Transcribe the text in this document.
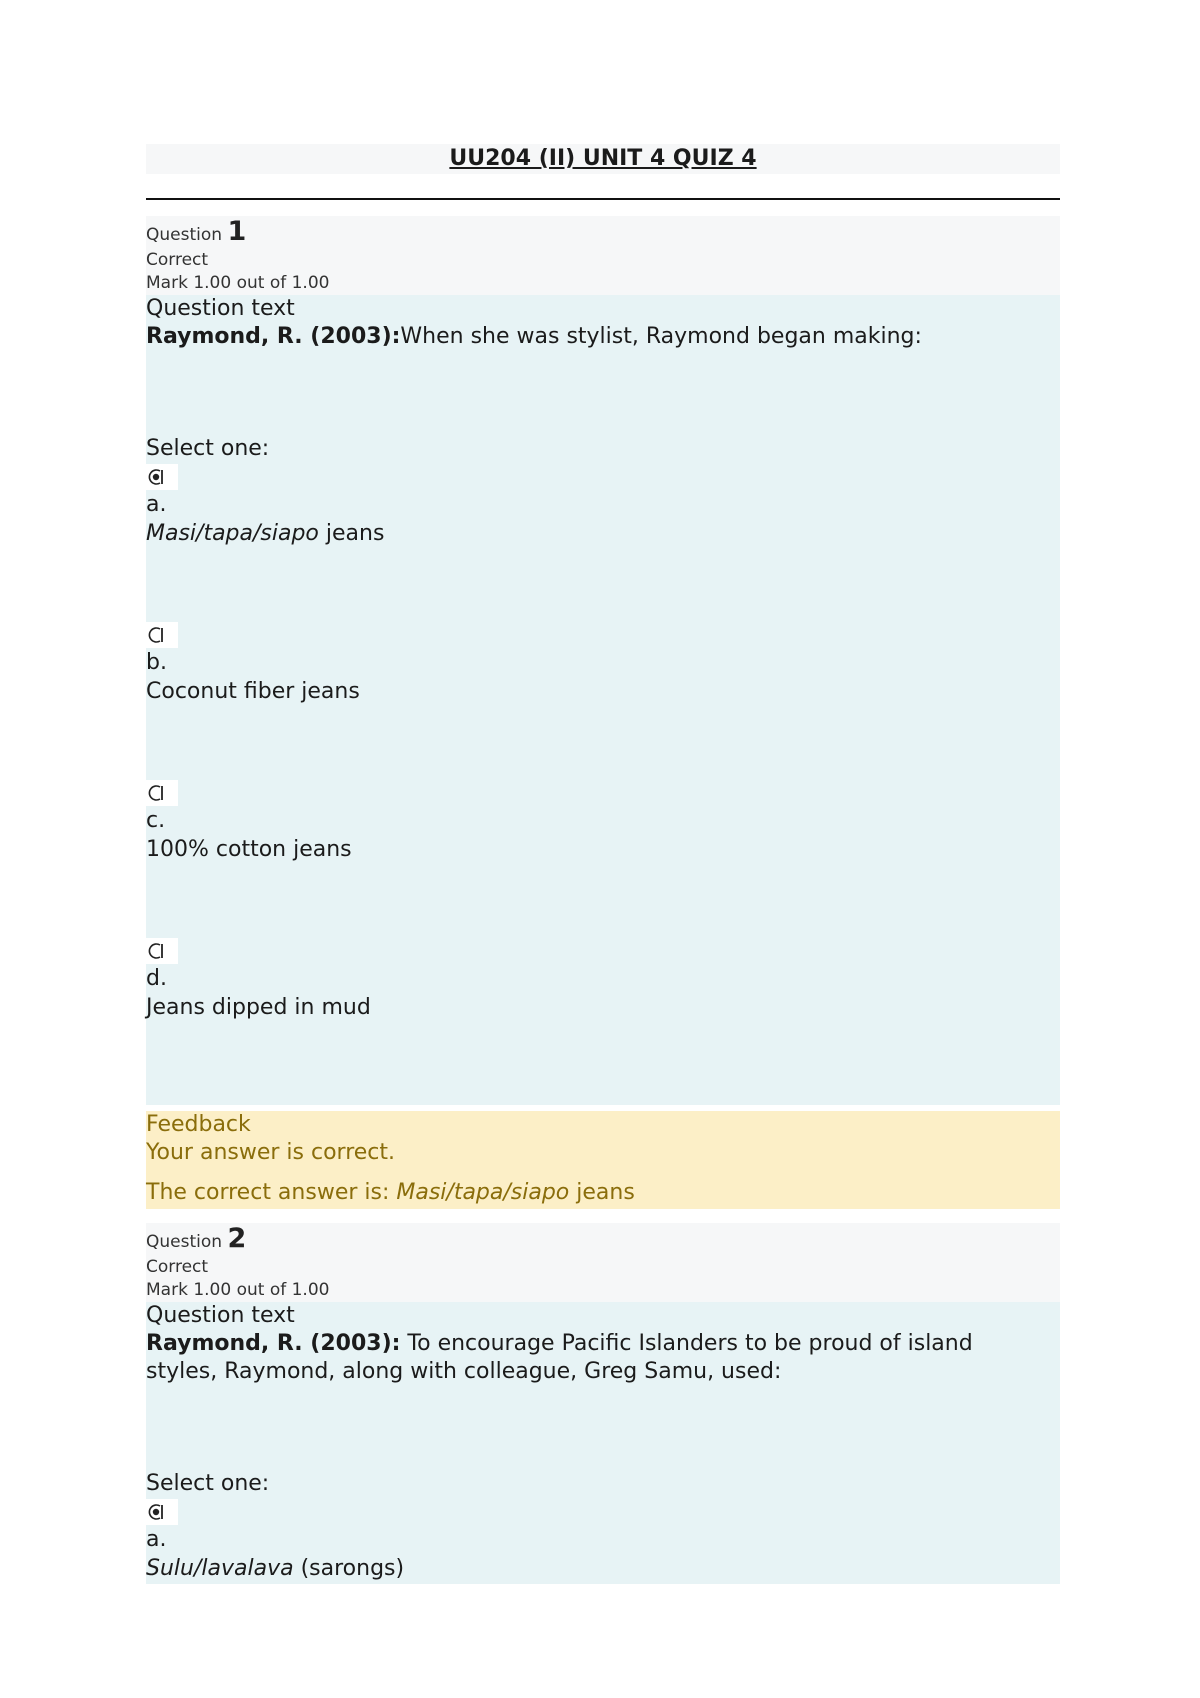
UU204 (II) UNIT 4 QUIZ 4
Question 1
Correct
Mark 1.00 out of 1.00
Question text
Raymond, R. (2003):When she was stylist, Raymond began making:
Select one:
a.
Masi/tapa/siapo jeans
b.
Coconut fiber jeans
c.
100% cotton jeans
d.
Jeans dipped in mud
Feedback
Your answer is correct.
The correct answer is: Masi/tapa/siapo jeans
Question 2
Correct
Mark 1.00 out of 1.00
Question text
Raymond, R. (2003): To encourage Pacific Islanders to be proud of island
styles, Raymond, along with colleague, Greg Samu, used:
Select one:
a.
Sulu/lavalava (sarongs)
